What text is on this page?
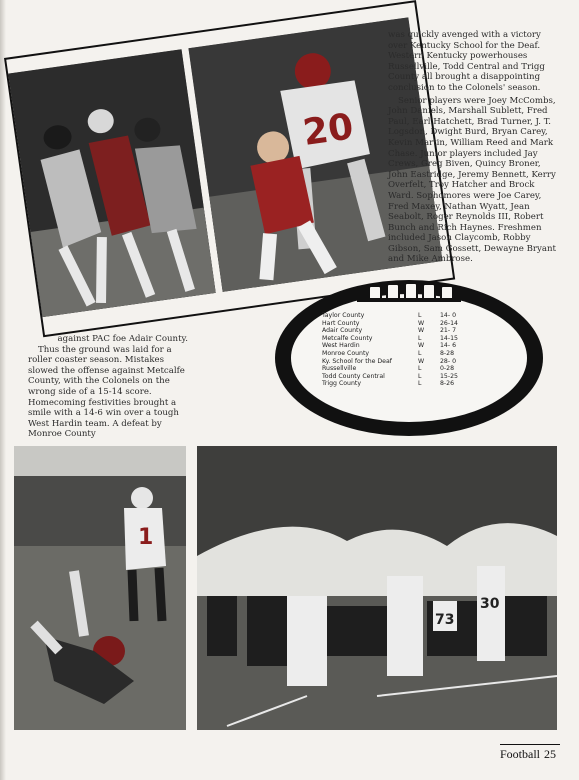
20

was quickly avenged with a victory over Kentucky School for the Deaf. Western Kentucky powerhouses Russellville, Todd Central and Trigg County all brought a disappointing conclusion to the Colonels' season.

Senior players were Joey McCombs, John Daniels, Marshall Sublett, Fred Paul, Earl Hatchett, Brad Turner, J. T. Logsdon, Dwight Burd, Bryan Carey, Kevin Martin, William Reed and Mark Chase. Junior players included Jay Crews, Greg Biven, Quincy Broner, John Eastridge, Jeremy Bennett, Kerry Overfelt, Troy Hatcher and Brock Ward. Sophomores were Joe Carey, Fred Maxey, Nathan Wyatt, Jean Seabolt, Roger Reynolds III, Robert Bunch and Rich Haynes. Freshmen included Jason Claycomb, Robby Gibson, Sam Gossett, Dewayne Bryant and Mike Ambrose.

Taylor County	L	14- 0
Hart County	W	26-14
Adair County	W	21- 7
Metcalfe County	L	14-15
West Hardin	W	14- 6
Monroe County	L	8-28
Ky. School for the Deaf	W	28- 0
Russellville	L	0-28
Todd County Central	L	15-25
Trigg County	L	8-26
against PAC foe Adair County.

Thus the ground was laid for a roller coaster season. Mistakes slowed the offense against Metcalfe County, with the Colonels on the wrong side of a 15-14 score. Homecoming festivities brought a smile with a 14-6 win over a tough West Hardin team. A defeat by Monroe County

1
73
30
Football 25
